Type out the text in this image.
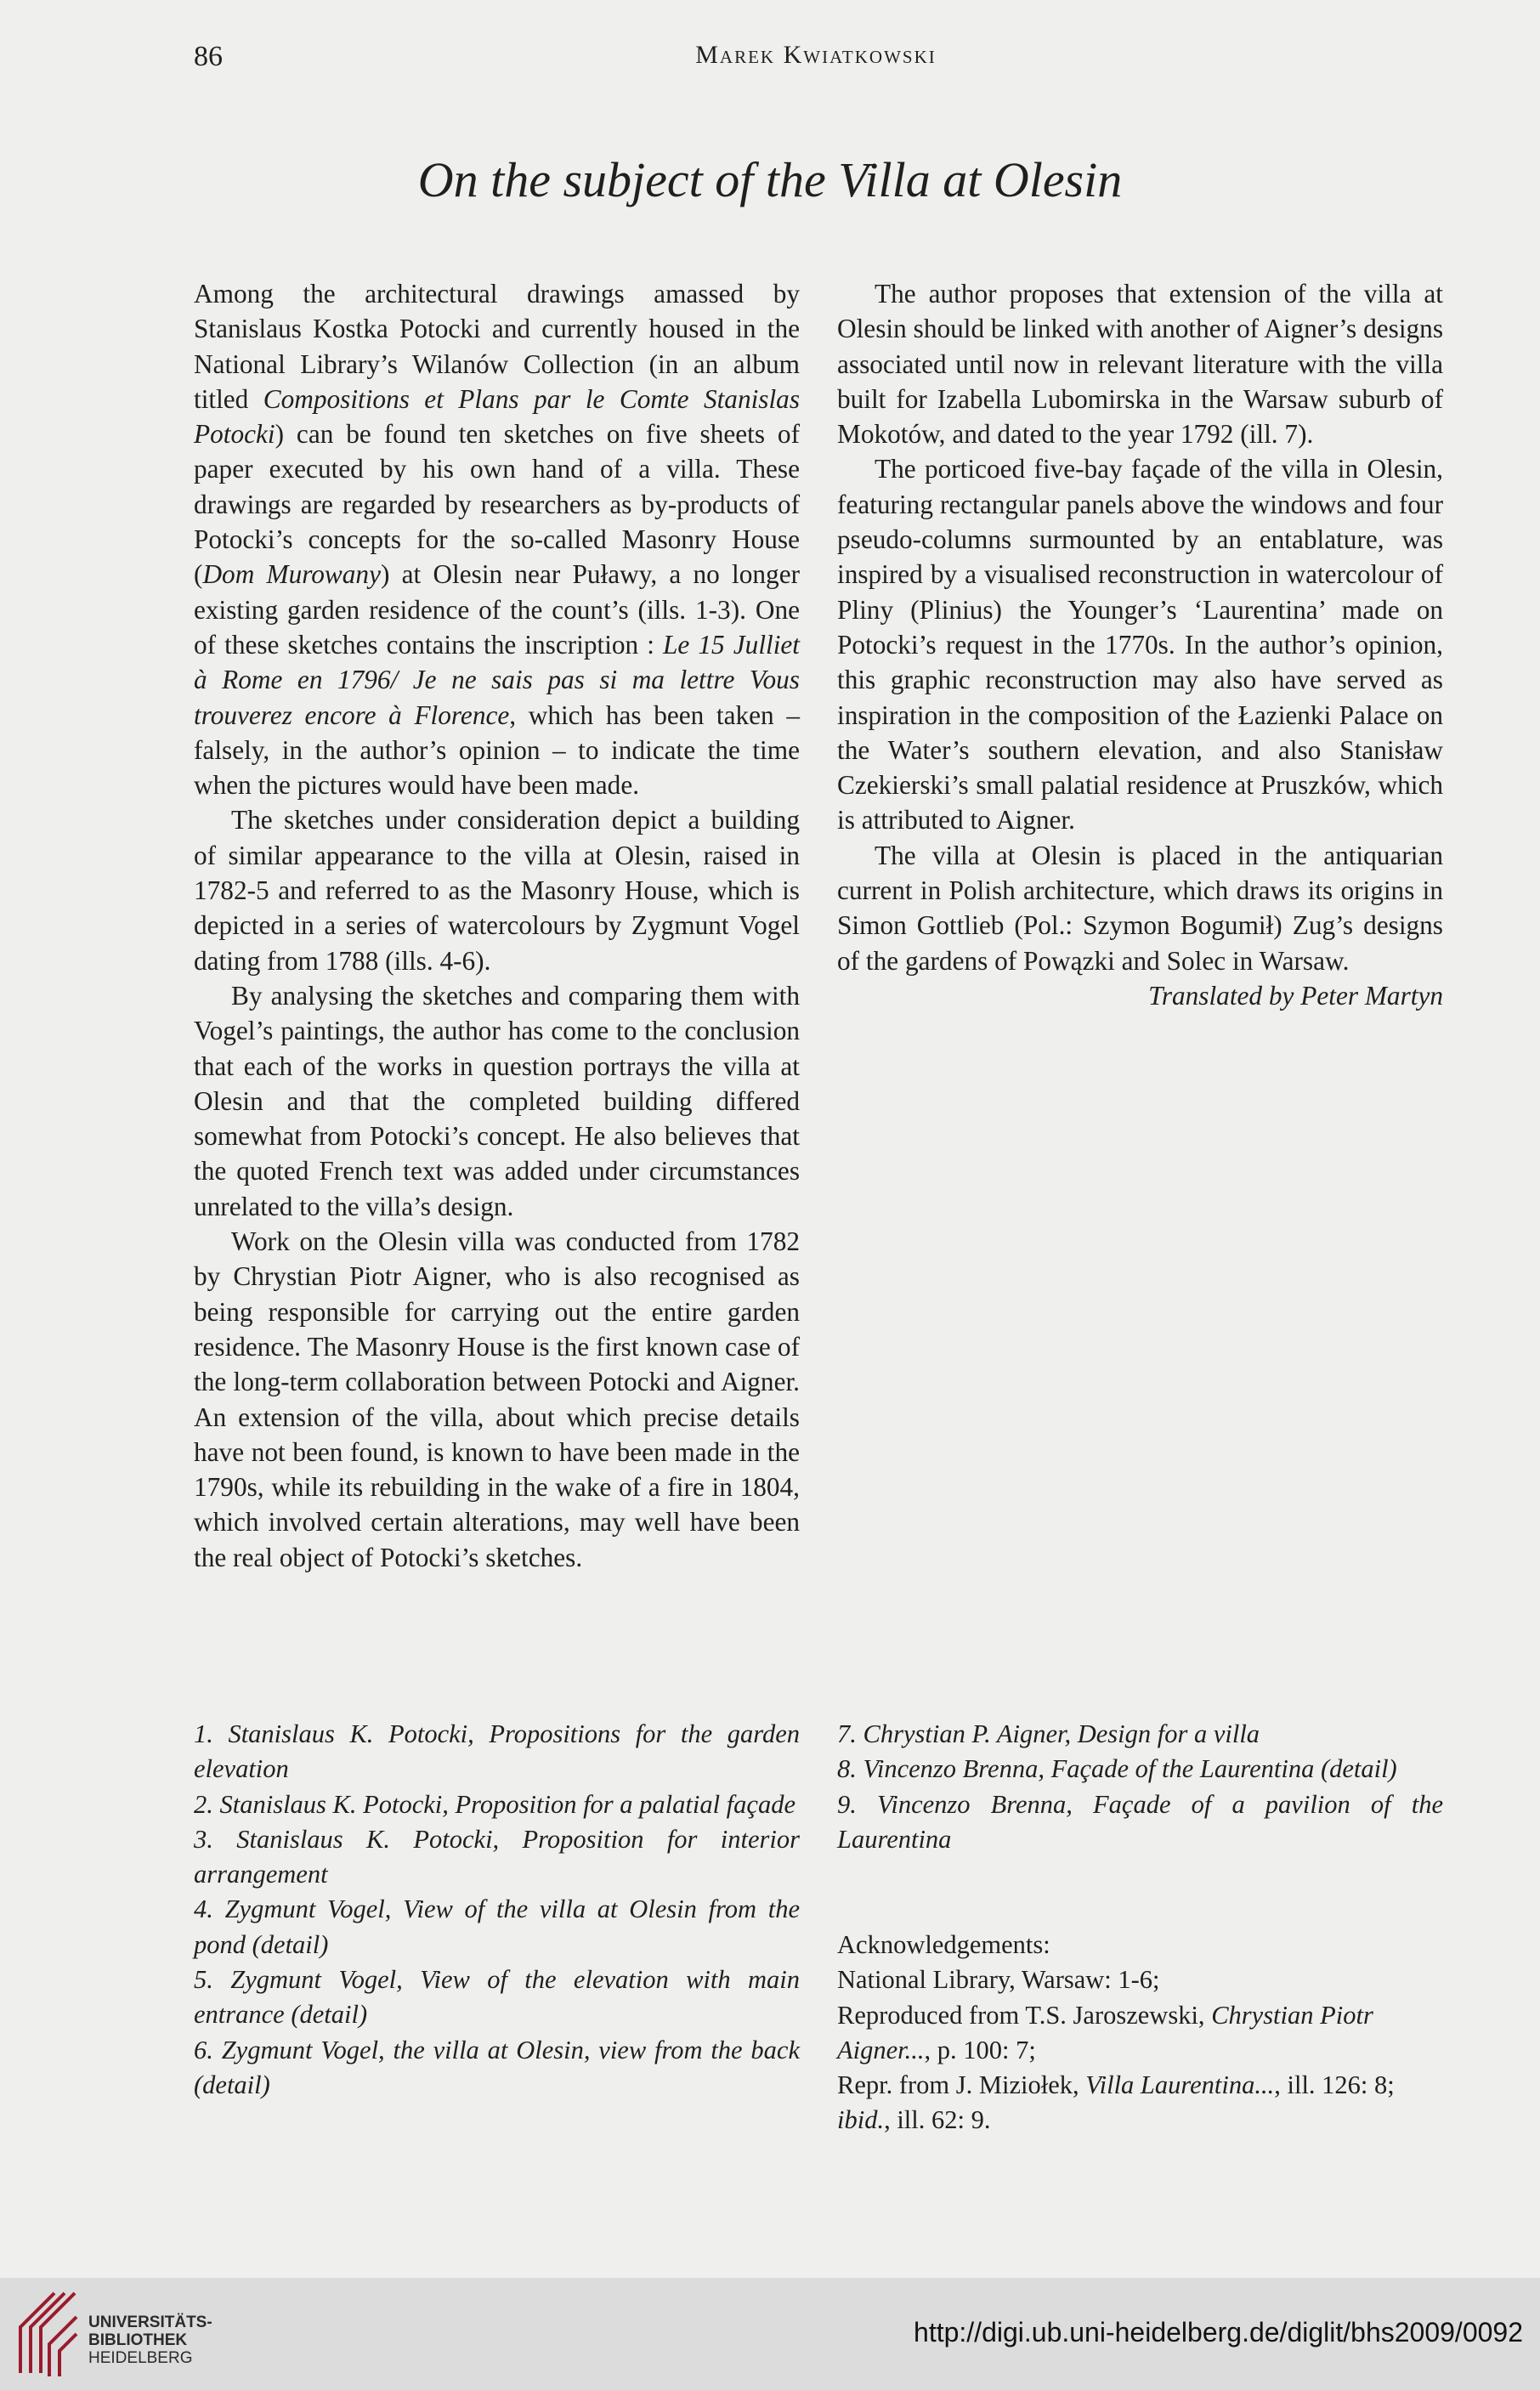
86	Marek Kwiatkowski
On the subject of the Villa at Olesin

Among the architectural drawings amassed by Stanislaus Kostka Potocki and currently housed in the National Library’s Wilanów Collection (in an album titled Compositions et Plans par le Comte Stanislas Potocki) can be found ten sketches on five sheets of paper executed by his own hand of a villa. These drawings are regarded by researchers as by-products of Potocki’s concepts for the so-called Masonry House (Dom Murowany) at Olesin near Puławy, a no longer existing garden residence of the count’s (ills. 1-3). One of these sketches contains the inscription : Le 15 Julliet à Rome en 1796/ Je ne sais pas si ma lettre Vous trouverez encore à Florence, which has been taken – falsely, in the author’s opinion – to indicate the time when the pictures would have been made.

The sketches under consideration depict a building of similar appearance to the villa at Olesin, raised in 1782-5 and referred to as the Masonry House, which is depicted in a series of watercolours by Zygmunt Vogel dating from 1788 (ills. 4-6).

By analysing the sketches and comparing them with Vogel’s paintings, the author has come to the conclusion that each of the works in question portrays the villa at Olesin and that the completed building differed somewhat from Potocki’s concept. He also believes that the quoted French text was added under circumstances unrelated to the villa’s design.

Work on the Olesin villa was conducted from 1782 by Chrystian Piotr Aigner, who is also recognised as being responsible for carrying out the entire garden residence. The Masonry House is the first known case of the long-term collaboration between Potocki and Aigner. An extension of the villa, about which precise details have not been found, is known to have been made in the 1790s, while its rebuilding in the wake of a fire in 1804, which involved certain alterations, may well have been the real object of Potocki’s sketches.

The author proposes that extension of the villa at Olesin should be linked with another of Aigner’s designs associated until now in relevant literature with the villa built for Izabella Lubomirska in the Warsaw suburb of Mokotów, and dated to the year 1792 (ill. 7).

The porticoed five-bay façade of the villa in Olesin, featuring rectangular panels above the windows and four pseudo-columns surmounted by an entablature, was inspired by a visualised reconstruction in watercolour of Pliny (Plinius) the Younger’s ‘Laurentina’ made on Potocki’s request in the 1770s. In the author’s opinion, this graphic reconstruction may also have served as inspiration in the composition of the Łazienki Palace on the Water’s southern elevation, and also Stanisław Czekierski’s small palatial residence at Pruszków, which is attributed to Aigner.

The villa at Olesin is placed in the antiquarian current in Polish architecture, which draws its origins in Simon Gottlieb (Pol.: Szymon Bogumił) Zug’s designs of the gardens of Powązki and Solec in Warsaw.

Translated by Peter Martyn

1. Stanislaus K. Potocki, Propositions for the garden elevation

2. Stanislaus K. Potocki, Proposition for a palatial façade

3. Stanislaus K. Potocki, Proposition for interior arrangement

4. Zygmunt Vogel, View of the villa at Olesin from the pond (detail)

5. Zygmunt Vogel, View of the elevation with main entrance (detail)

6. Zygmunt Vogel, the villa at Olesin, view from the back (detail)

7. Chrystian P. Aigner, Design for a villa

8. Vincenzo Brenna, Façade of the Laurentina (detail)

9. Vincenzo Brenna, Façade of a pavilion of the Laurentina

Acknowledgements:

National Library, Warsaw: 1-6;

Reproduced from T.S. Jaroszewski, Chrystian Piotr Aigner..., p. 100: 7;

Repr. from J. Miziołek, Villa Laurentina..., ill. 126: 8; ibid., ill. 62: 9.

UNIVERSITÄTS-
BIBLIOTHEK
HEIDELBERG
http://digi.ub.uni-heidelberg.de/diglit/bhs2009/0092
